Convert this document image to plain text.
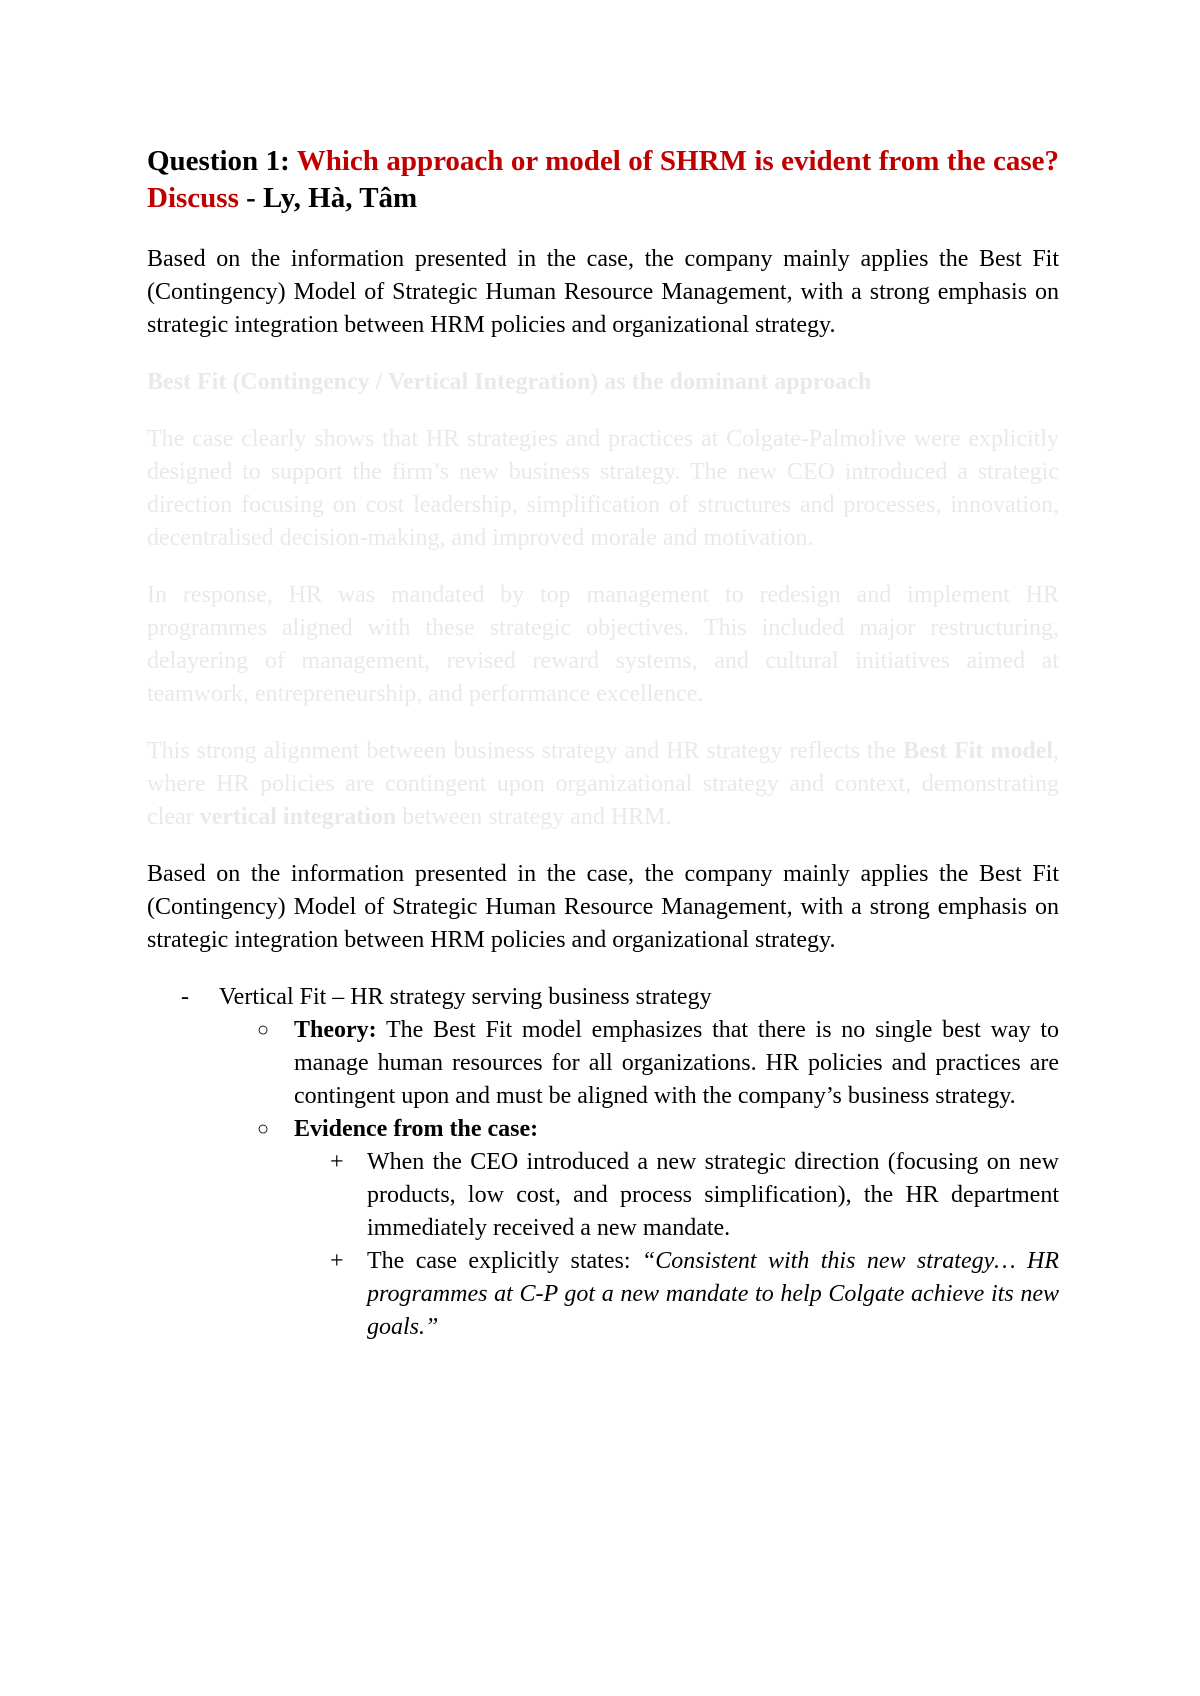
Question 1: Which approach or model of SHRM is evident from the case? Discuss - Ly, Hà, Tâm

Based on the information presented in the case, the company mainly applies the Best Fit (Contingency) Model of Strategic Human Resource Management, with a strong emphasis on strategic integration between HRM policies and organizational strategy.

Best Fit (Contingency / Vertical Integration) as the dominant approach

The case clearly shows that HR strategies and practices at Colgate-Palmolive were explicitly designed to support the firm’s new business strategy. The new CEO introduced a strategic direction focusing on cost leadership, simplification of structures and processes, innovation, decentralised decision-making, and improved morale and motivation.

In response, HR was mandated by top management to redesign and implement HR programmes aligned with these strategic objectives. This included major restructuring, delayering of management, revised reward systems, and cultural initiatives aimed at teamwork, entrepreneurship, and performance excellence.

This strong alignment between business strategy and HR strategy reflects the Best Fit model, where HR policies are contingent upon organizational strategy and context, demonstrating clear vertical integration between strategy and HRM.

Based on the information presented in the case, the company mainly applies the Best Fit (Contingency) Model of Strategic Human Resource Management, with a strong emphasis on strategic integration between HRM policies and organizational strategy.

- Vertical Fit – HR strategy serving business strategy
○ Theory: The Best Fit model emphasizes that there is no single best way to manage human resources for all organizations. HR policies and practices are contingent upon and must be aligned with the company’s business strategy.
○ Evidence from the case:
+ When the CEO introduced a new strategic direction (focusing on new products, low cost, and process simplification), the HR department immediately received a new mandate.
+ The case explicitly states: “Consistent with this new strategy… HR programmes at C-P got a new mandate to help Colgate achieve its new goals.”
